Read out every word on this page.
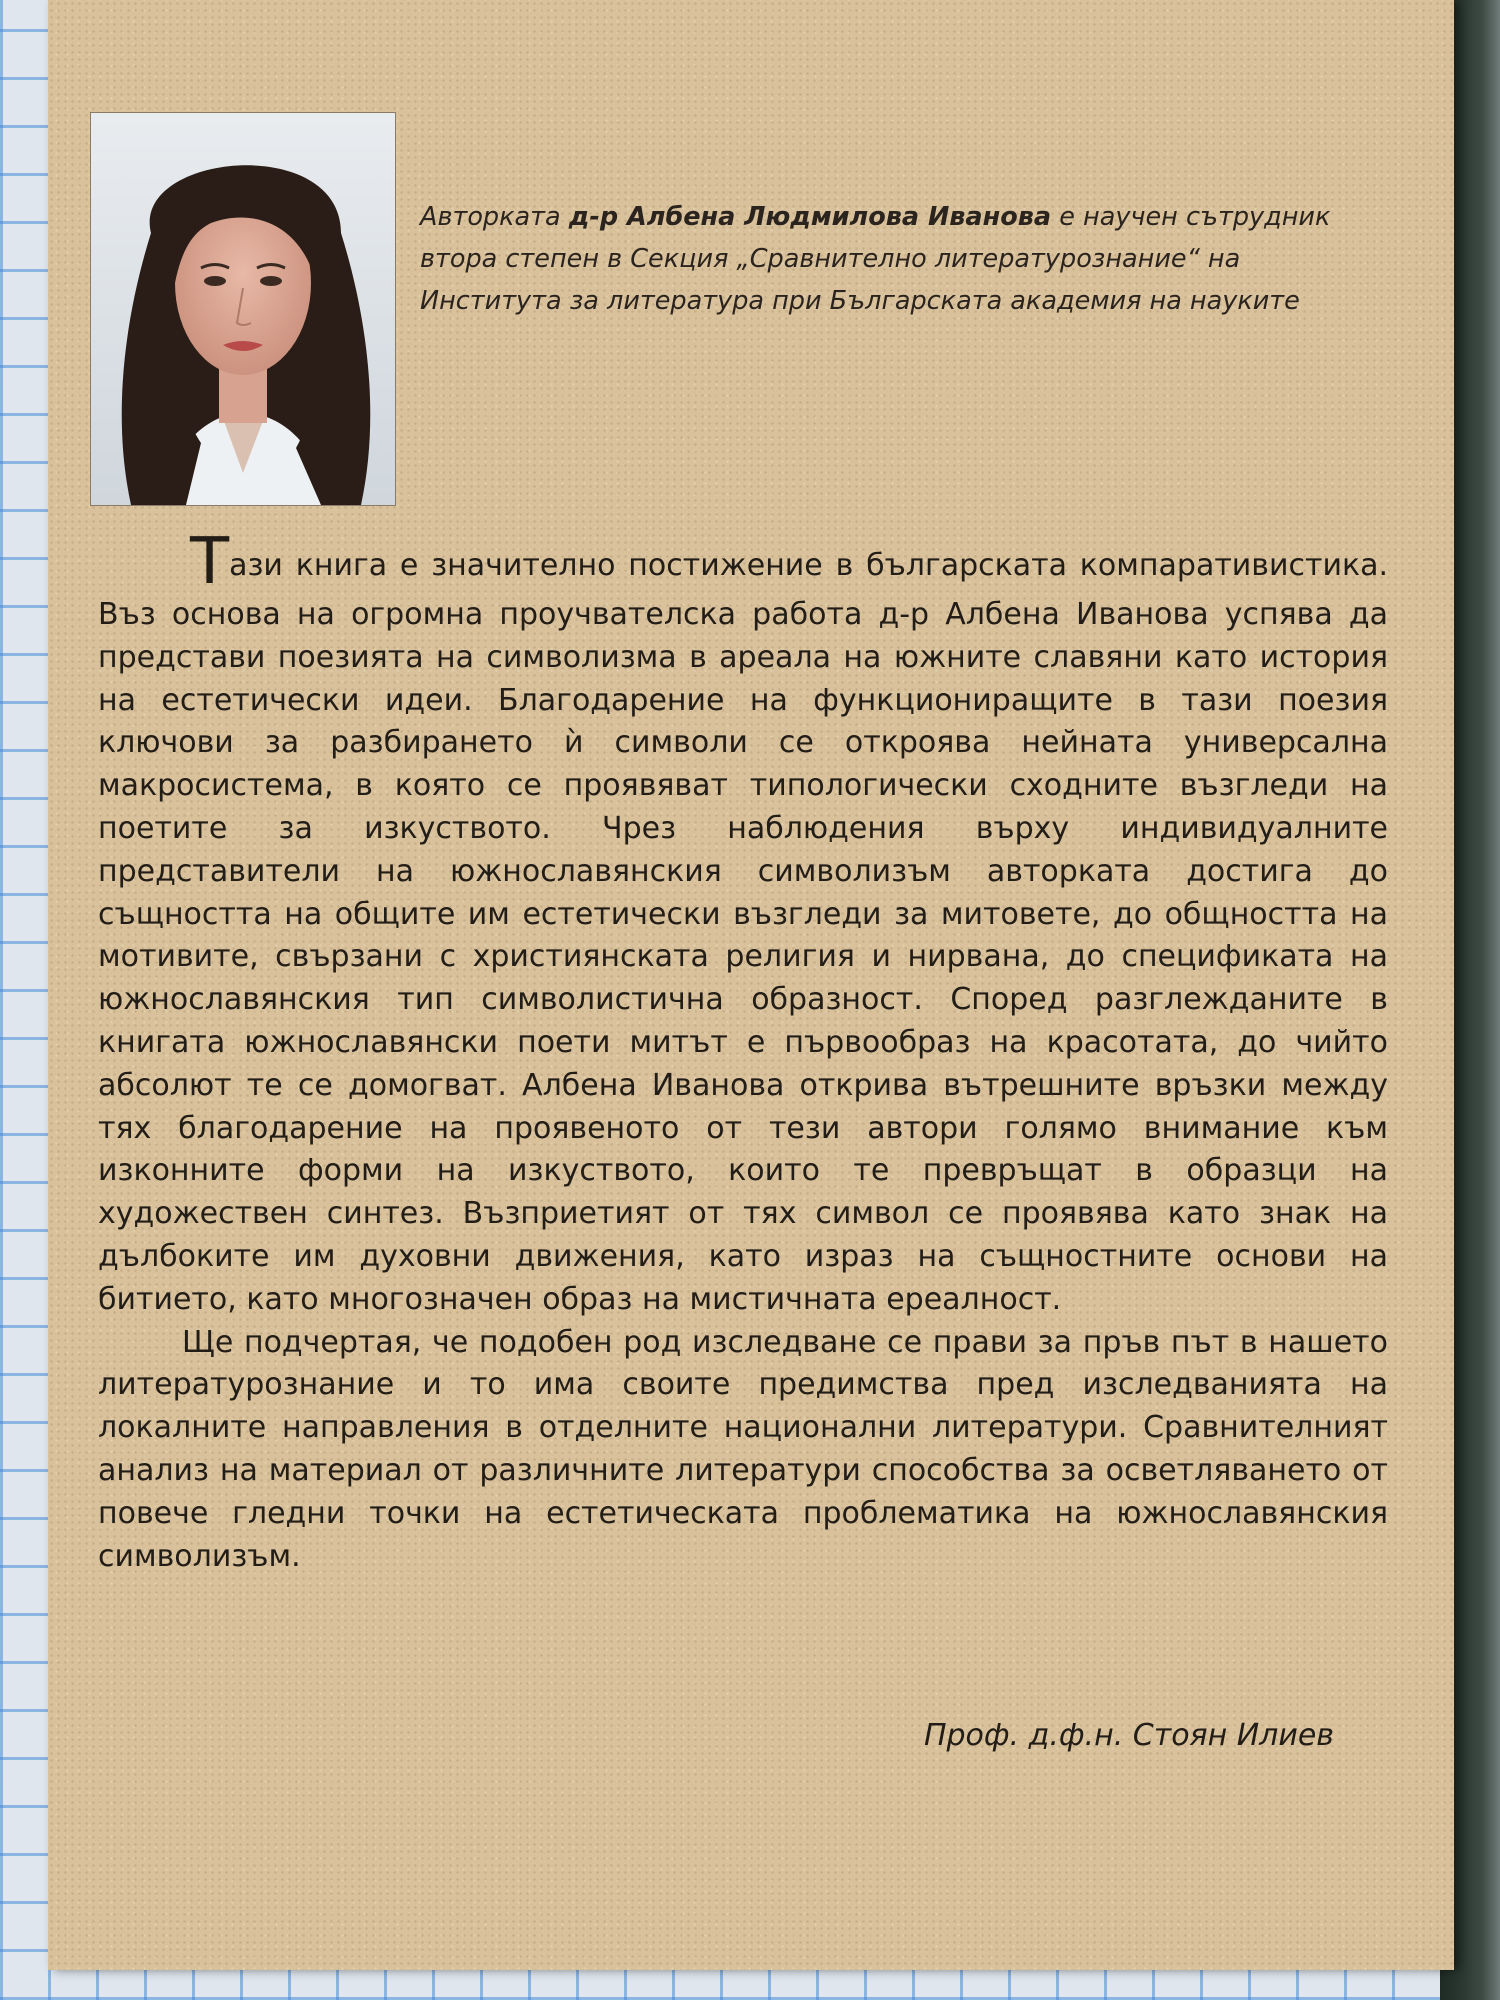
Авторката д-р Албена Людмилова Иванова е научен сътрудник втора степен в Секция „Сравнително литературознание“ на Института за литература при Българската академия на науките

Тази книга е значително постижение в българската компаративистика. Въз основа на огромна проучвателска работа д-р Албена Иванова успява да представи поезията на символизма в ареала на южните славяни като история на естетически идеи. Благодарение на функциониращите в тази поезия ключови за разбирането ѝ символи се откроява нейната универсална макросистема, в която се проявяват типологически сходните възгледи на поетите за изкуството. Чрез наблюдения върху индивидуалните представители на южнославянския символизъм авторката достига до същността на общите им естетически възгледи за митовете, до общността на мотивите, свързани с християнската религия и нирвана, до спецификата на южнославянския тип символистична образност. Според разглежданите в книгата южнославянски поети митът е първообраз на красотата, до чийто абсолют те се домогват. Албена Иванова открива вътрешните връзки между тях благодарение на проявеното от тези автори голямо внимание към изконните форми на изкуството, които те превръщат в образци на художествен синтез. Възприетият от тях символ се проявява като знак на дълбоките им духовни движения, като израз на същностните основи на битието, като многозначен образ на мистичната ереалност.

Ще подчертая, че подобен род изследване се прави за пръв път в нашето литературознание и то има своите предимства пред изследванията на локалните направления в отделните национални литератури. Сравнителният анализ на материал от различните литератури способства за осветляването от повече гледни точки на естетическата проблематика на южнославянския символизъм.

Проф. д.ф.н. Стоян Илиев
